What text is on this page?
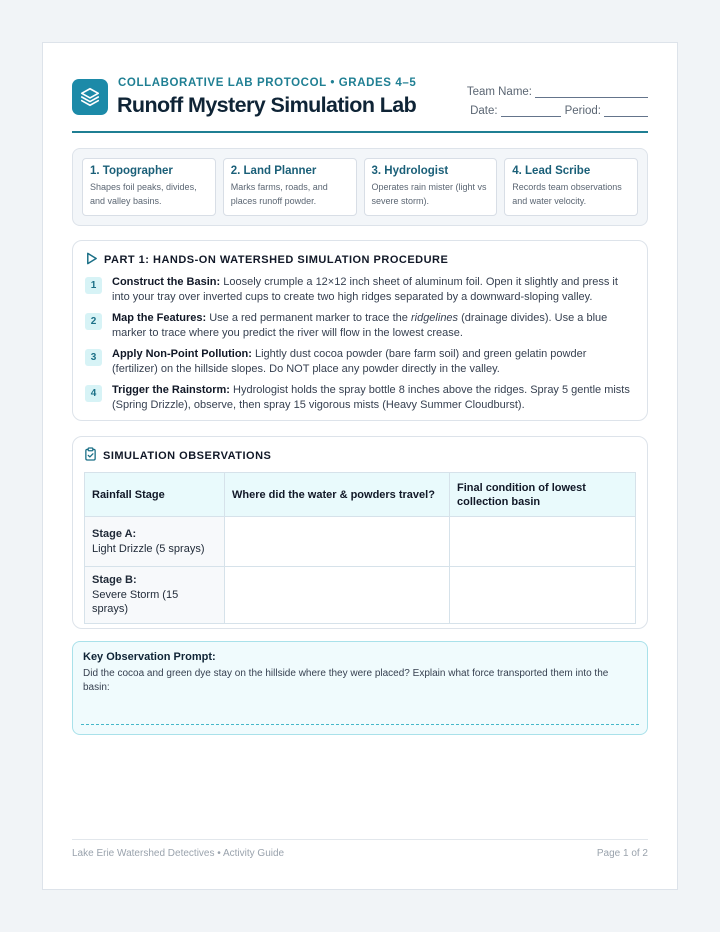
COLLABORATIVE LAB PROTOCOL • GRADES 4–5
Runoff Mystery Simulation Lab
Team Name:
Date:	Period:
1. Topographer
Shapes foil peaks, divides, and valley basins.
2. Land Planner
Marks farms, roads, and places runoff powder.
3. Hydrologist
Operates rain mister (light vs severe storm).
4. Lead Scribe
Records team observations and water velocity.
PART 1: HANDS-ON WATERSHED SIMULATION PROCEDURE
1	Construct the Basin: Loosely crumple a 12×12 inch sheet of aluminum foil. Open it slightly and press it into your tray over inverted cups to create two high ridges separated by a downward-sloping valley.
2	Map the Features: Use a red permanent marker to trace the ridgelines (drainage divides). Use a blue marker to trace where you predict the river will flow in the lowest crease.
3	Apply Non-Point Pollution: Lightly dust cocoa powder (bare farm soil) and green gelatin powder (fertilizer) on the hillside slopes. Do NOT place any powder directly in the valley.
4	Trigger the Rainstorm: Hydrologist holds the spray bottle 8 inches above the ridges. Spray 5 gentle mists (Spring Drizzle), observe, then spray 15 vigorous mists (Heavy Summer Cloudburst).
SIMULATION OBSERVATIONS
Rainfall Stage	Where did the water & powders travel?	Final condition of lowest collection basin

Stage A:
Light Drizzle (5 sprays)		

Stage B:
Severe Storm (15 sprays)		
Key Observation Prompt:
Did the cocoa and green dye stay on the hillside where they were placed? Explain what force transported them into the basin:
Lake Erie Watershed Detectives • Activity Guide	Page 1 of 2
